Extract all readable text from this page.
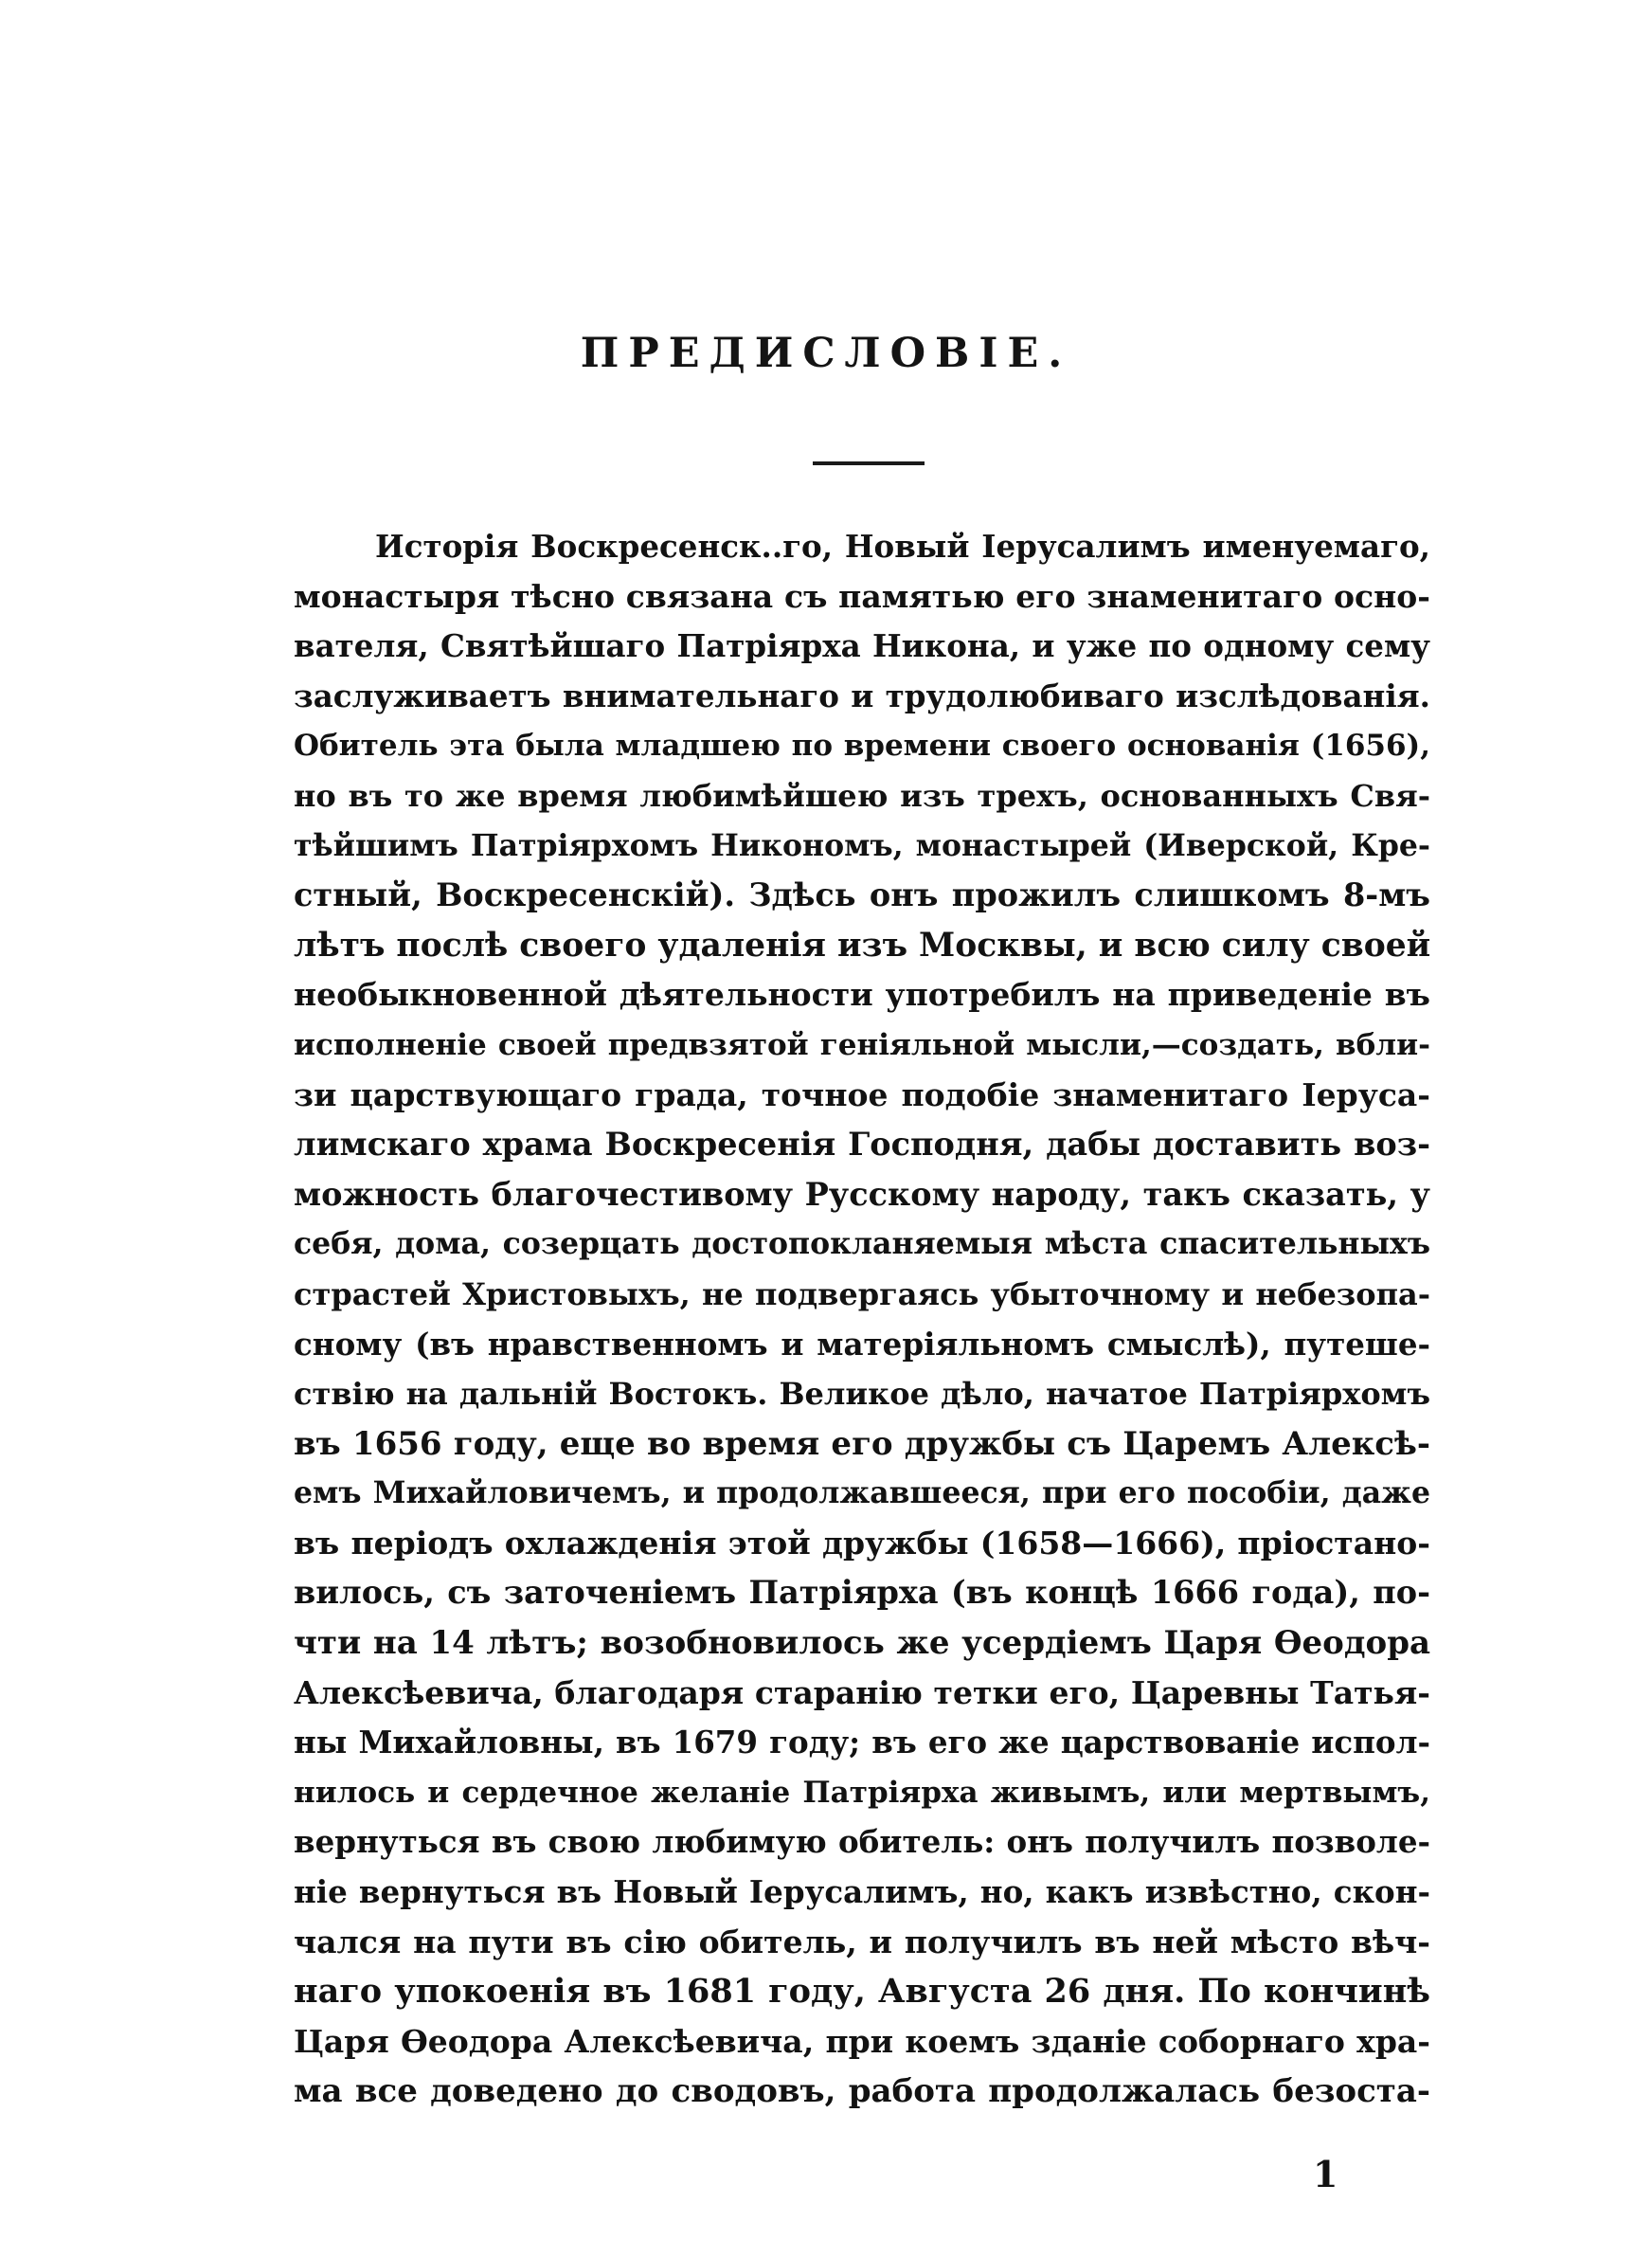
ПРЕДИСЛОВIЕ.
Исторія Воскресенск..го, Новый Іерусалимъ именуемаго,
монастыря тѣсно связана съ памятью его знаменитаго осно-
вателя, Святѣйшаго Патріярха Никона, и уже по одному сему
заслуживаетъ внимательнаго и трудолюбиваго изслѣдованія.
Обитель эта была младшею по времени своего основанія (1656),
но въ то же время любимѣйшею изъ трехъ, основанныхъ Свя-
тѣйшимъ Патріярхомъ Никономъ, монастырей (Иверской, Кре-
стный, Воскресенскій). Здѣсь онъ прожилъ слишкомъ 8-мъ
лѣтъ послѣ своего удаленія изъ Москвы, и всю силу своей
необыкновенной дѣятельности употребилъ на приведеніе въ
исполненіе своей предвзятой геніяльной мысли,—создать, вбли-
зи царствующаго града, точное подобіе знаменитаго Іеруса-
лимскаго храма Воскресенія Господня, дабы доставить воз-
можность благочестивому Русскому народу, такъ сказать, у
себя, дома, созерцать достопокланяемыя мѣста спасительныхъ
страстей Христовыхъ, не подвергаясь убыточному и небезопа-
сному (въ нравственномъ и матеріяльномъ смыслѣ), путеше-
ствію на дальній Востокъ. Великое дѣло, начатое Патріярхомъ
въ 1656 году, еще во время его дружбы съ Царемъ Алексѣ-
емъ Михайловичемъ, и продолжавшееся, при его пособіи, даже
въ періодъ охлажденія этой дружбы (1658—1666), пріостано-
вилось, съ заточеніемъ Патріярха (въ концѣ 1666 года), по-
чти на 14 лѣтъ; возобновилось же усердіемъ Царя Өеодора
Алексѣевича, благодаря старанію тетки его, Царевны Татья-
ны Михайловны, въ 1679 году; въ его же царствованіе испол-
нилось и сердечное желаніе Патріярха живымъ, или мертвымъ,
вернуться въ свою любимую обитель: онъ получилъ позволе-
ніе вернуться въ Новый Іерусалимъ, но, какъ извѣстно, скон-
чался на пути въ сію обитель, и получилъ въ ней мѣсто вѣч-
наго упокоенія въ 1681 году, Августа 26 дня. По кончинѣ
Царя Өеодора Алексѣевича, при коемъ зданіе соборнаго хра-
ма все доведено до сводовъ, работа продолжалась безоста-
1
